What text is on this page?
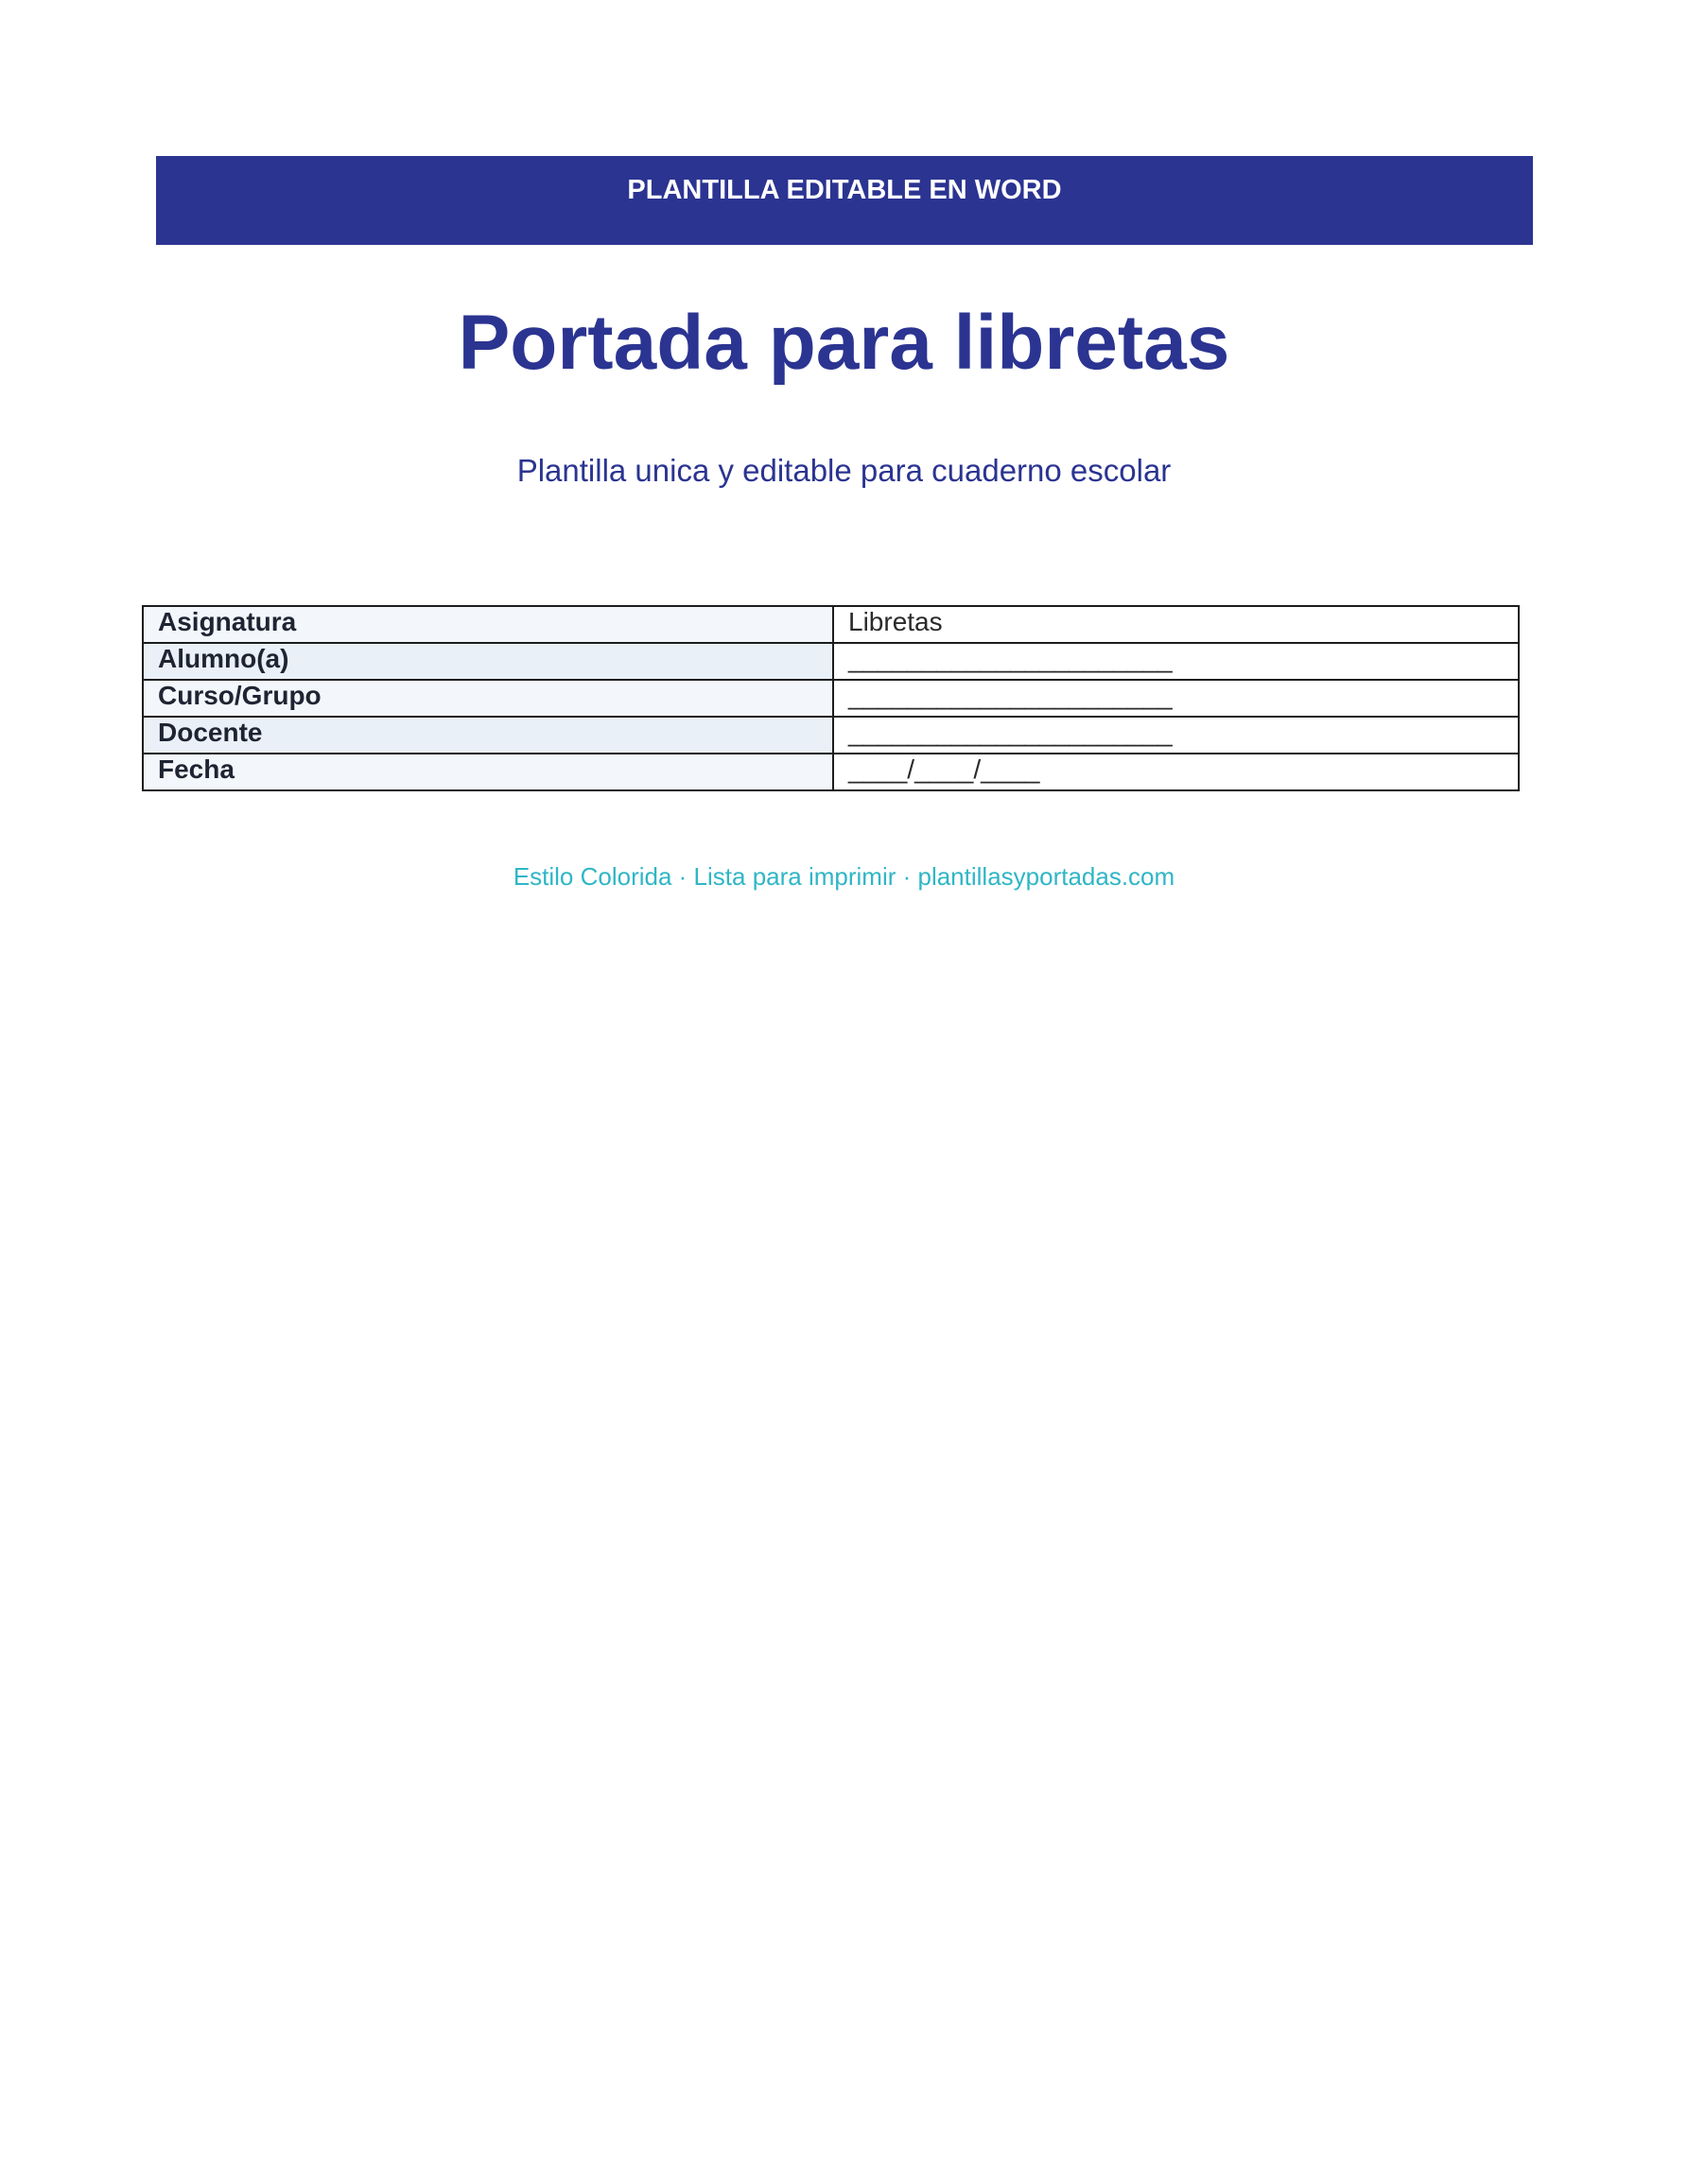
PLANTILLA EDITABLE EN WORD
Portada para libretas
Plantilla unica y editable para cuaderno escolar
Asignatura	Libretas
Alumno(a)	______________________
Curso/Grupo	______________________
Docente	______________________
Fecha	____/____/____
Estilo Colorida · Lista para imprimir · plantillasyportadas.com
